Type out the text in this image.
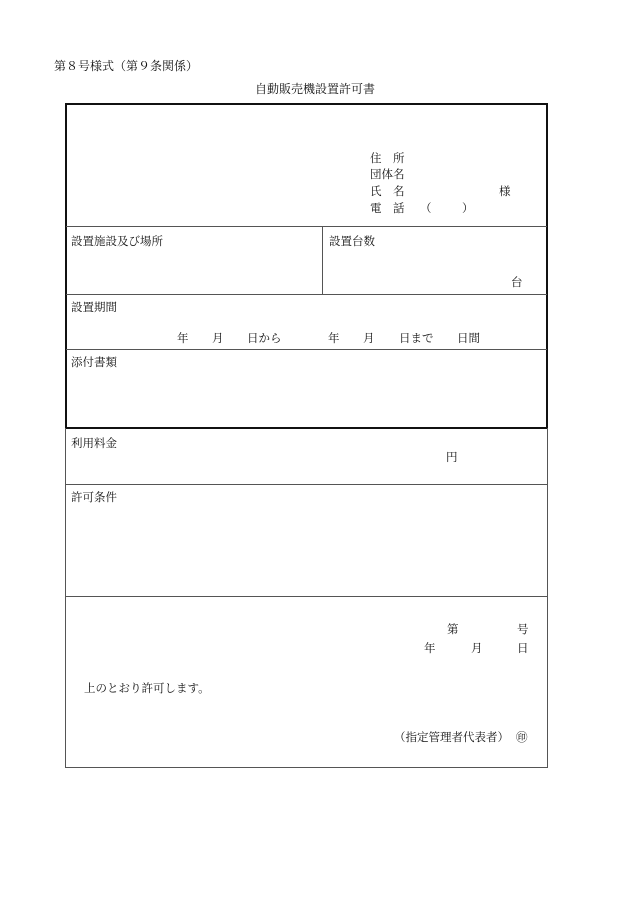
第８号様式（第９条関係）
自動販売機設置許可書
住　所
団体名
氏　名	様
電　話 （	）
設置施設及び場所	設置台数
台
設置期間
年 月 日から	年 月 日まで 日間
添付書類
利用料金
円
許可条件
第	号
年	月	日
上のとおり許可します。
（指定管理者代表者） ㊞
